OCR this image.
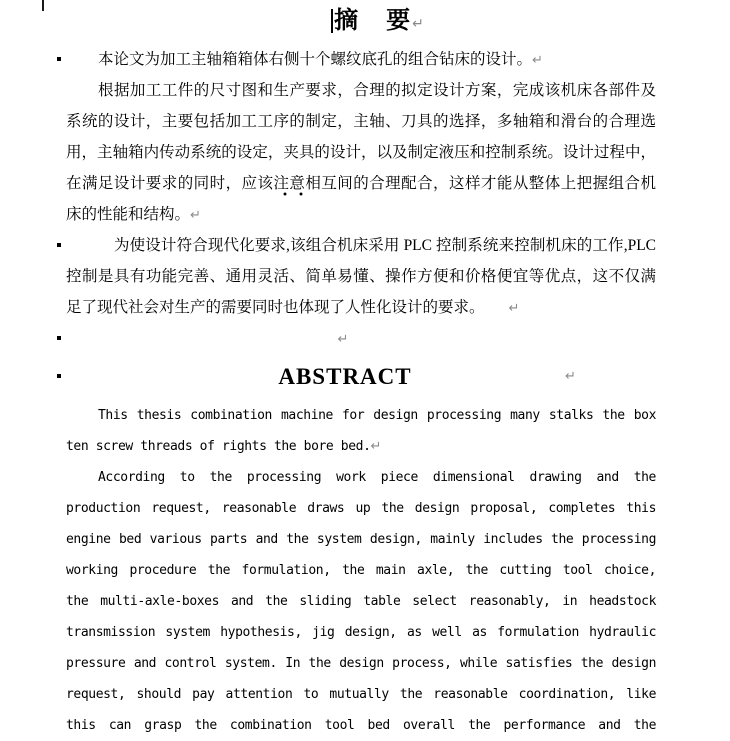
摘　要↵
本论文为加工主轴箱箱体右侧十个螺纹底孔的组合钻床的设计。↵
根据加工工件的尺寸图和生产要求，合理的拟定设计方案，完成该机床各部件及
系统的设计，主要包括加工工序的制定，主轴、刀具的选择，多轴箱和滑台的合理选
用，主轴箱内传动系统的设定，夹具的设计，以及制定液压和控制系统。设计过程中，
在满足设计要求的同时，应该注意相互间的合理配合，这样才能从整体上把握组合机
床的性能和结构。↵
为使设计符合现代化要求,该组合机床采用 PLC 控制系统来控制机床的工作,PLC
控制是具有功能完善、通用灵活、简单易懂、操作方便和价格便宜等优点，这不仅满
足了现代社会对生产的需要同时也体现了人性化设计的要求。 ↵
↵
ABSTRACT	↵
This thesis combination machine for design processing many stalks the box
ten screw threads of rights the bore bed.↵
According to the processing work piece dimensional drawing and the
production request, reasonable draws up the design proposal, completes this
engine bed various parts and the system design, mainly includes the processing
working procedure the formulation, the main axle, the cutting tool choice,
the multi-axle-boxes and the sliding table select reasonably, in headstock
transmission system hypothesis, jig design, as well as formulation hydraulic
pressure and control system. In the design process, while satisfies the design
request, should pay attention to mutually the reasonable coordination, like
this can grasp the combination tool bed overall the performance and the
